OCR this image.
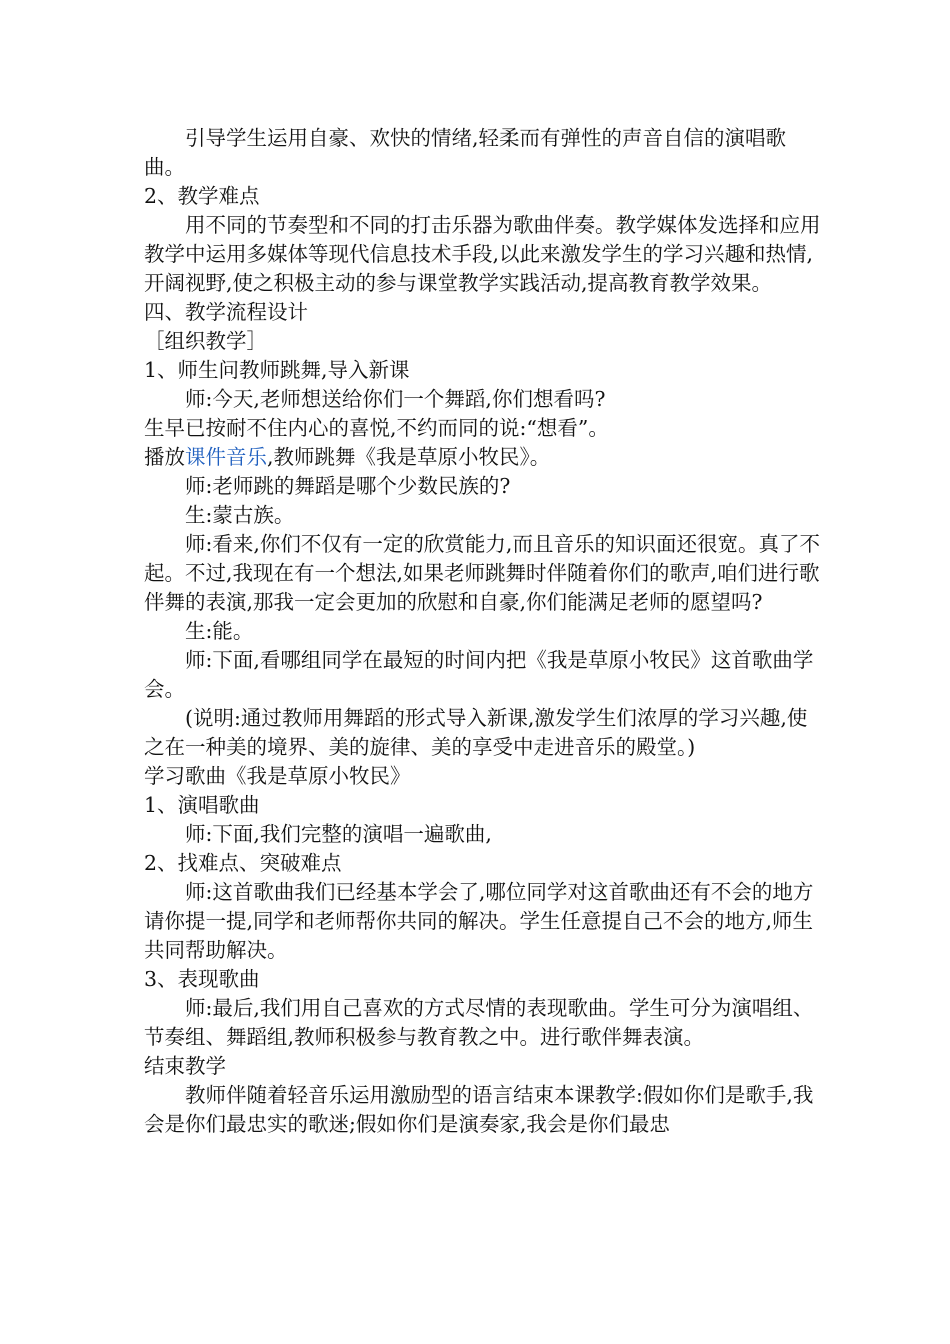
引导学生运用自豪、欢快的情绪,轻柔而有弹性的声音自信的演唱歌曲。

2、教学难点

用不同的节奏型和不同的打击乐器为歌曲伴奏。教学媒体发选择和应用教学中运用多媒体等现代信息技术手段,以此来激发学生的学习兴趣和热情,开阔视野,使之积极主动的参与课堂教学实践活动,提高教育教学效果。

四、教学流程设计

［组织教学］

1、师生问教师跳舞,导入新课

师:今天,老师想送给你们一个舞蹈,你们想看吗?

生早已按耐不住内心的喜悦,不约而同的说:“想看”。

播放课件音乐,教师跳舞《我是草原小牧民》。

师:老师跳的舞蹈是哪个少数民族的?

生:蒙古族。

师:看来,你们不仅有一定的欣赏能力,而且音乐的知识面还很宽。真了不起。不过,我现在有一个想法,如果老师跳舞时伴随着你们的歌声,咱们进行歌伴舞的表演,那我一定会更加的欣慰和自豪,你们能满足老师的愿望吗?

生:能。

师:下面,看哪组同学在最短的时间内把《我是草原小牧民》这首歌曲学会。

(说明:通过教师用舞蹈的形式导入新课,激发学生们浓厚的学习兴趣,使之在一种美的境界、美的旋律、美的享受中走进音乐的殿堂。)

学习歌曲《我是草原小牧民》

1、演唱歌曲

师:下面,我们完整的演唱一遍歌曲,

2、找难点、突破难点

师:这首歌曲我们已经基本学会了,哪位同学对这首歌曲还有不会的地方请你提一提,同学和老师帮你共同的解决。学生任意提自己不会的地方,师生共同帮助解决。

3、表现歌曲

师:最后,我们用自己喜欢的方式尽情的表现歌曲。学生可分为演唱组、节奏组、舞蹈组,教师积极参与教育教之中。进行歌伴舞表演。

结束教学

教师伴随着轻音乐运用激励型的语言结束本课教学:假如你们是歌手,我会是你们最忠实的歌迷;假如你们是演奏家,我会是你们最忠
